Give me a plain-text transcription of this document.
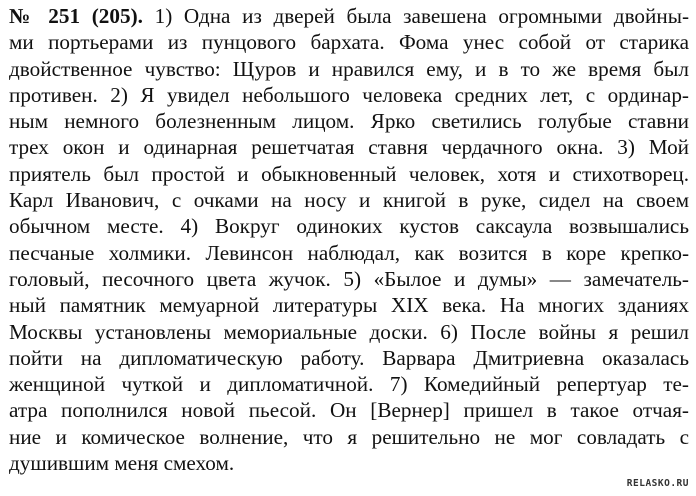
№ 251 (205). 1) Одна из дверей была завешена огромными двойны-
ми портьерами из пунцового бархата. Фома унес собой от старика
двойственное чувство: Щуров и нравился ему, и в то же время был
противен. 2) Я увидел небольшого человека средних лет, с ординар-
ным немного болезненным лицом. Ярко светились голубые ставни
трех окон и одинарная решетчатая ставня чердачного окна. 3) Мой
приятель был простой и обыкновенный человек, хотя и стихотворец.
Карл Иванович, с очками на носу и книгой в руке, сидел на своем
обычном месте. 4) Вокруг одиноких кустов саксаула возвышались
песчаные холмики. Левинсон наблюдал, как возится в коре крепко-
головый, песочного цвета жучок. 5) «Былое и думы» — замечатель-
ный памятник мемуарной литературы XIX века. На многих зданиях
Москвы установлены мемориальные доски. 6) После войны я решил
пойти на дипломатическую работу. Варвара Дмитриевна оказалась
женщиной чуткой и дипломатичной. 7) Комедийный репертуар те-
атра пополнился новой пьесой. Он [Вернер] пришел в такое отчая-
ние и комическое волнение, что я решительно не мог совладать с
душившим меня смехом.
RELASKO.RU
